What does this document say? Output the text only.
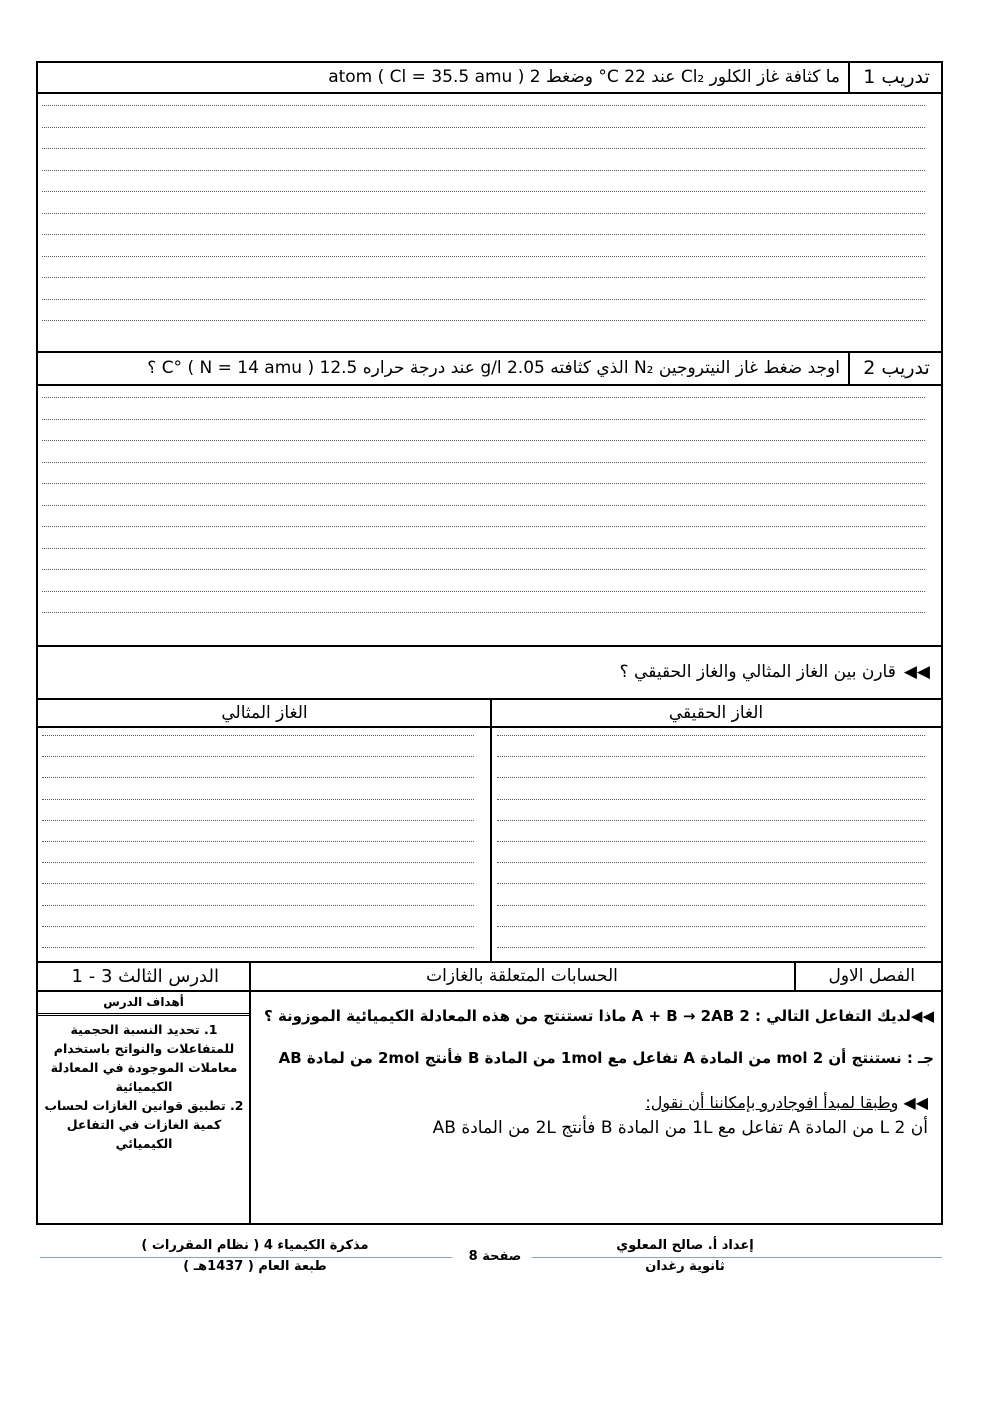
تدريب 1
ما كثافة غاز الكلور Cl₂ عند 22 C° وضغط 2 atom ( Cl = 35.5 amu )
تدريب 2
اوجد ضغط غاز النيتروجين N₂ الذي كثافته 2.05 g/l عند درجة حراره 12.5 C° ( N = 14 amu ) ؟
◀◀
قارن بين الغاز المثالي والغاز الحقيقي ؟
الغاز الحقيقي
الغاز المثالي
الفصل الاول
الحسابات المتعلقة بالغازات
الدرس الثالث 3 - 1
أهداف الدرس
1. تحديد النسبة الحجمية للمتفاعلات والنواتج باستخدام معاملات الموجودة في المعادلة الكيميائية
2. تطبيق قوانين الغازات لحساب كمية الغازات في التفاعل الكيميائي
◀◀لديك التفاعل التالي : 2 A + B → 2AB ماذا تستنتج من هذه المعادلة الكيميائية الموزونة ؟
جـ : نستنتج أن 2 mol من المادة A تفاعل مع 1mol من المادة B فأنتج 2mol من لمادة AB
◀◀ وطبقا لمبدأ افوجادرو بإمكاننا أن نقول:
أن 2 L من المادة A تفاعل مع 1L من المادة B فأنتج 2L من المادة AB
إعداد أ. صالح المعلوي
ثانوية رغدان
صفحة 8
مذكرة الكيمياء 4 ( نظام المقررات )
طبعة العام ( 1437هـ )
